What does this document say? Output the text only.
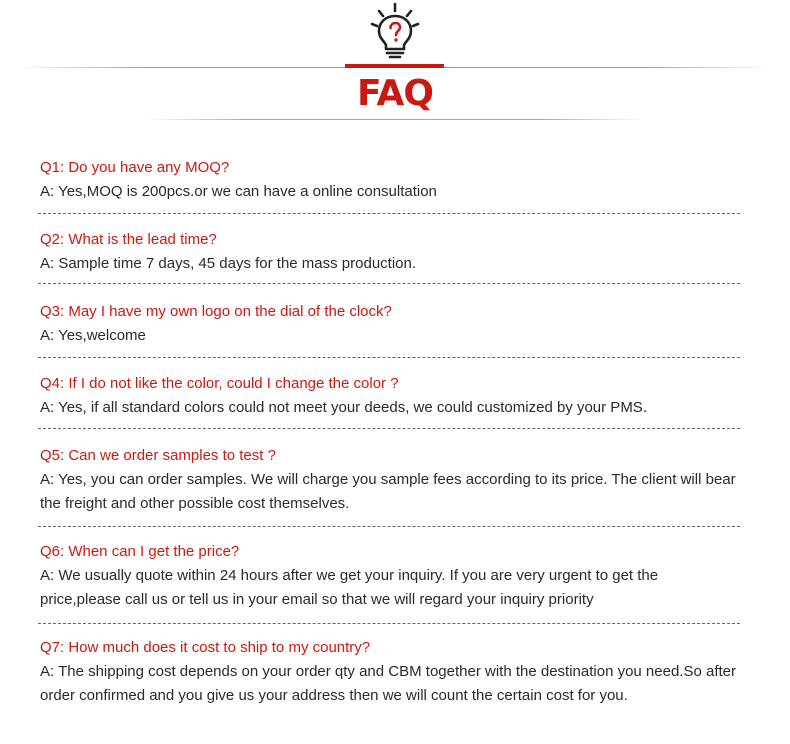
FAQ
Q1: Do you have any MOQ?
A: Yes,MOQ is 200pcs.or we can have a online consultation
Q2: What is the lead time?
A: Sample time 7 days, 45 days for the mass production.
Q3: May I have my own logo on the dial of the clock?
A: Yes,welcome
Q4: If I do not like the color, could I change the color ?
A: Yes, if all standard colors could not meet your deeds, we could customized by your PMS.
Q5: Can we order samples to test ?
A: Yes, you can order samples. We will charge you sample fees according to its price. The client will bear the freight and other possible cost themselves.
Q6: When can I get the price?
A: We usually quote within 24 hours after we get your inquiry. If you are very urgent to get the price,please call us or tell us in your email so that we will regard your inquiry priority
Q7: How much does it cost to ship to my country?
A: The shipping cost depends on your order qty and CBM together with the destination you need.So after order confirmed and you give us your address then we will count the certain cost for you.
